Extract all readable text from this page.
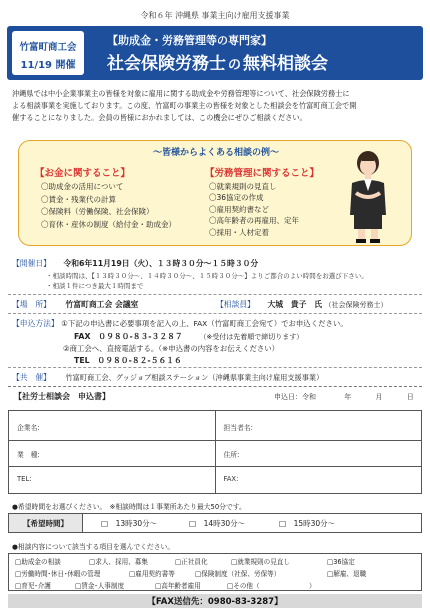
令和６年 沖縄県 事業主向け雇用支援事業
竹富町商工会
11/19 開催
【助成金・労務管理等の専門家】
社会保険労務士 の 無料相談会
沖縄県では中小企業事業主の皆様を対象に雇用に関する助成金や労務管理等について、社会保険労務士に
よる相談事業を実施しております。この度、竹富町の事業主の皆様を対象とした相談会を竹富町商工会で開
催することになりました。会員の皆様におかれましては、この機会にぜひご相談ください。
～皆様からよくある相談の例～
【お金に関すること】
〇助成金の活用について
〇賃金・残業代の計算
〇保険料（労働保険、社会保険）
〇育休・産休の制度（給付金・助成金）
【労務管理に関すること】
〇就業規則の見直し
〇36協定の作成
〇雇用契約書など
〇高年齢者の再雇用、定年
〇採用・人材定着
【開催日】 令和6年11月19日（火）、１３時３０分～１５時３０分
・相談時間は、【１３時３０分～、１４時３０分～、１５時３０分～】よりご都合のよい時間をお選び下さい。
・相談１件につき最大１時間まで
【場　所】 竹富町商工会 会議室	【相談員】 大城　貴子　氏 （社会保険労務士）
【申込方法】 ①下記の申込書に必要事項を記入の上、FAX（竹富町商工会宛て）でお申込ください。
FAX　０９８０-８３-３２８７ （※受付は先着順で締切ります）
②商工会へ、直接電話する。（※申込書の内容をお伝えください）
TEL　０９８０-８２-５６１６
【共　催】 竹富町商工会、グッジョブ相談ステーション（沖縄県事業主向け雇用支援事業）
【社労士相談会　申込書】	申込日：令和	年	月	日
企業名:	担当者名:
業　種:	住所:
TEL:	FAX:
●希望時間をお選びください。　※相談時間は１事業所あたり最大50分です。
【希望時間】	□　13時30分～	□　14時30分～	□　15時30分～
●相談内容について該当する項目を選んでください。
□助成金の相談	□求人、採用、募集	□正社員化	□就業規則の見直し	□36協定
□労働時間･休日･休暇の管理	□雇用契約書等	□保険制度（社保、労保等）	□解雇、退職
□育児･介護	□賃金･人事制度	□高年齢者雇用	□その他（	）
【FAX送信先：0980-83-3287】
